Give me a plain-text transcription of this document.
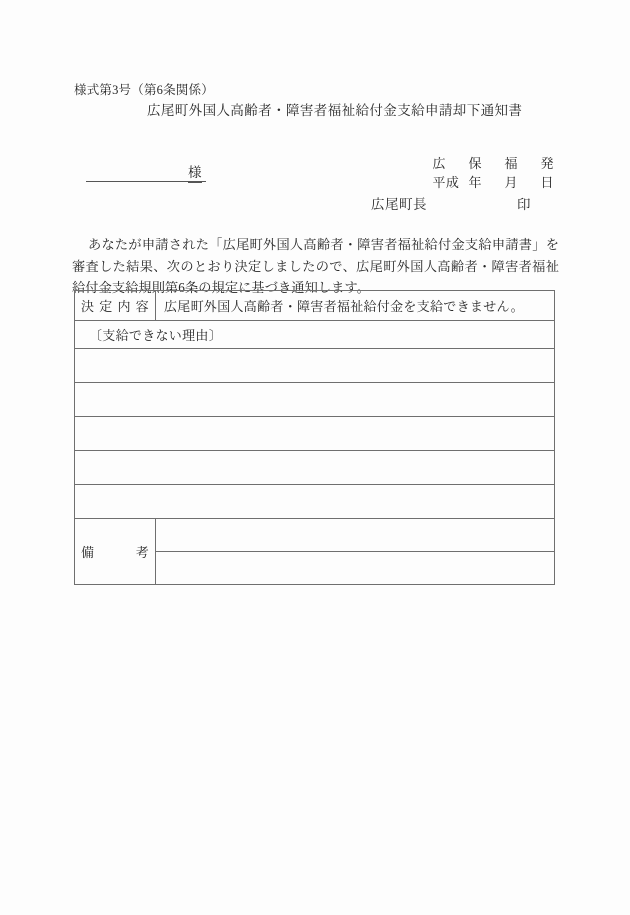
様式第3号（第6条関係）
広尾町外国人高齢者・障害者福祉給付金支給申請却下通知書

広 保 福 発

平成 年 月 日

様
広尾町長	印
あなたが申請された「広尾町外国人高齢者・障害者福祉給付金支給申請書」を審査した結果、次のとおり決定しましたので、広尾町外国人高齢者・障害者福祉給付金支給規則第6条の規定に基づき通知します。
決 定 内 容	広尾町外国人高齢者・障害者福祉給付金を支給できません。
〔支給できない理由〕	

備 考	
